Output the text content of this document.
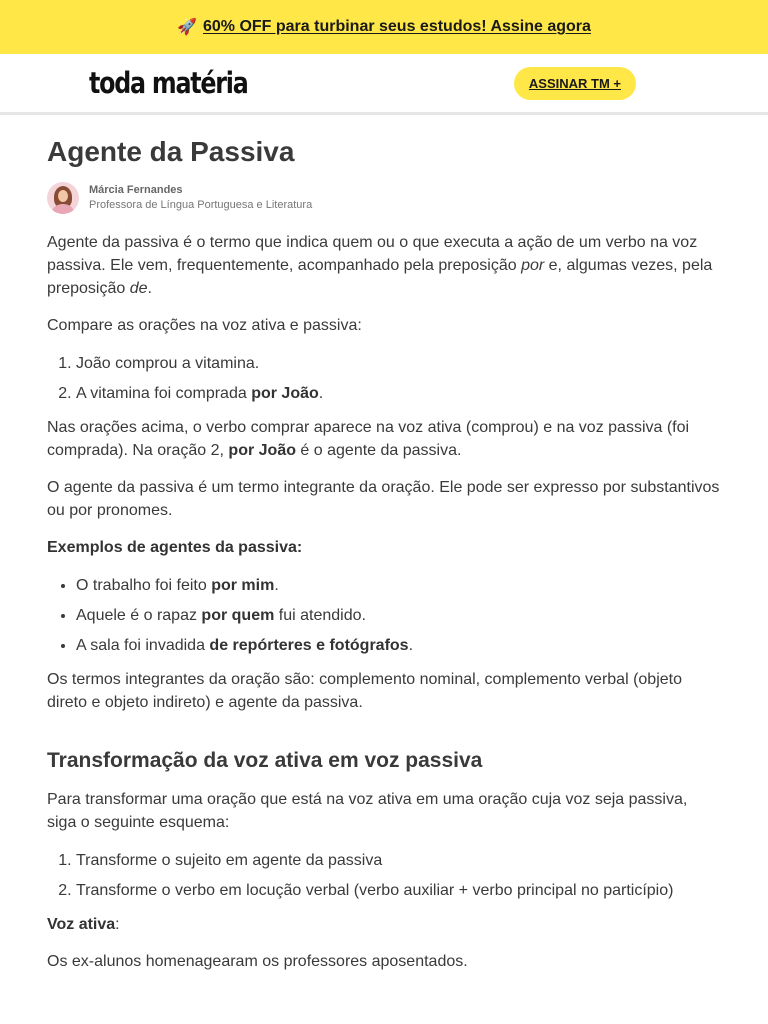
🚀 60% OFF para turbinar seus estudos! Assine agora
toda matéria	ASSINAR TM +
Agente da Passiva
Márcia Fernandes
Professora de Língua Portuguesa e Literatura

Agente da passiva é o termo que indica quem ou o que executa a ação de um verbo na voz passiva. Ele vem, frequentemente, acompanhado pela preposição por e, algumas vezes, pela preposição de.

Compare as orações na voz ativa e passiva:

1. João comprou a vitamina.
2. A vitamina foi comprada por João.

Nas orações acima, o verbo comprar aparece na voz ativa (comprou) e na voz passiva (foi comprada). Na oração 2, por João é o agente da passiva.

O agente da passiva é um termo integrante da oração. Ele pode ser expresso por substantivos ou por pronomes.

Exemplos de agentes da passiva:

• O trabalho foi feito por mim.
• Aquele é o rapaz por quem fui atendido.
• A sala foi invadida de repórteres e fotógrafos.

Os termos integrantes da oração são: complemento nominal, complemento verbal (objeto direto e objeto indireto) e agente da passiva.

Transformação da voz ativa em voz passiva

Para transformar uma oração que está na voz ativa em uma oração cuja voz seja passiva, siga o seguinte esquema:

1. Transforme o sujeito em agente da passiva
2. Transforme o verbo em locução verbal (verbo auxiliar + verbo principal no particípio)

Voz ativa:

Os ex-alunos homenagearam os professores aposentados.
